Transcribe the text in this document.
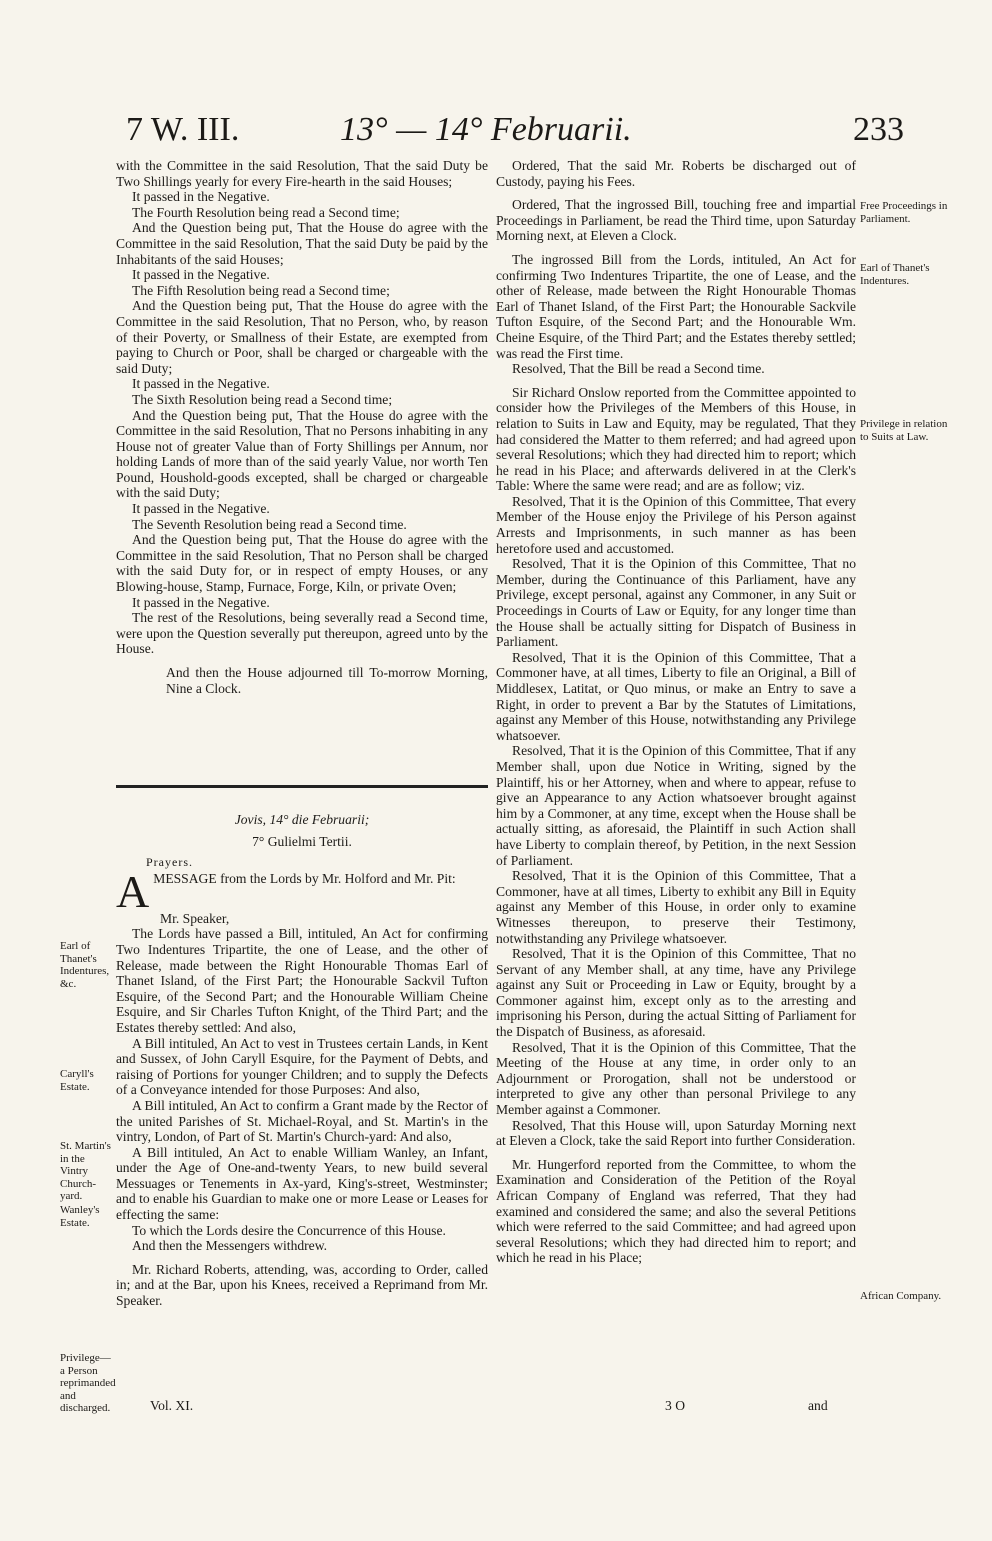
7 W. III.	13° — 14° Februarii.	233

with the Committee in the said Resolution, That the said Duty be Two Shillings yearly for every Fire-hearth in the said Houses;

It passed in the Negative.

The Fourth Resolution being read a Second time;

And the Question being put, That the House do agree with the Committee in the said Resolution, That the said Duty be paid by the Inhabitants of the said Houses;

It passed in the Negative.

The Fifth Resolution being read a Second time;

And the Question being put, That the House do agree with the Committee in the said Resolution, That no Person, who, by reason of their Poverty, or Smallness of their Estate, are exempted from paying to Church or Poor, shall be charged or chargeable with the said Duty;

It passed in the Negative.

The Sixth Resolution being read a Second time;

And the Question being put, That the House do agree with the Committee in the said Resolution, That no Persons inhabiting in any House not of greater Value than of Forty Shillings per Annum, nor holding Lands of more than of the said yearly Value, nor worth Ten Pound, Houshold-goods excepted, shall be charged or chargeable with the said Duty;

It passed in the Negative.

The Seventh Resolution being read a Second time.

And the Question being put, That the House do agree with the Committee in the said Resolution, That no Person shall be charged with the said Duty for, or in respect of empty Houses, or any Blowing-house, Stamp, Furnace, Forge, Kiln, or private Oven;

It passed in the Negative.

The rest of the Resolutions, being severally read a Second time, were upon the Question severally put thereupon, agreed unto by the House.

And then the House adjourned till To-morrow Morning, Nine a Clock.

Jovis, 14° die Februarii;

7° Gulielmi Tertii.

Prayers.

A MESSAGE from the Lords by Mr. Holford and Mr. Pit:

Mr. Speaker,

The Lords have passed a Bill, intituled, An Act for confirming Two Indentures Tripartite, the one of Lease, and the other of Release, made between the Right Honourable Thomas Earl of Thanet Island, of the First Part; the Honourable Sackvil Tufton Esquire, of the Second Part; and the Honourable William Cheine Esquire, and Sir Charles Tufton Knight, of the Third Part; and the Estates thereby settled: And also,

A Bill intituled, An Act to vest in Trustees certain Lands, in Kent and Sussex, of John Caryll Esquire, for the Payment of Debts, and raising of Portions for younger Children; and to supply the Defects of a Conveyance intended for those Purposes: And also,

A Bill intituled, An Act to confirm a Grant made by the Rector of the united Parishes of St. Michael-Royal, and St. Martin's in the vintry, London, of Part of St. Martin's Church-yard: And also,

A Bill intituled, An Act to enable William Wanley, an Infant, under the Age of One-and-twenty Years, to new build several Messuages or Tenements in Ax-yard, King's-street, Westminster; and to enable his Guardian to make one or more Lease or Leases for effecting the same:

To which the Lords desire the Concurrence of this House.

And then the Messengers withdrew.

Mr. Richard Roberts, attending, was, according to Order, called in; and at the Bar, upon his Knees, received a Reprimand from Mr. Speaker.

Vol. XI.

Ordered, That the said Mr. Roberts be discharged out of Custody, paying his Fees.

Ordered, That the ingrossed Bill, touching free and impartial Proceedings in Parliament, be read the Third time, upon Saturday Morning next, at Eleven a Clock.

The ingrossed Bill from the Lords, intituled, An Act for confirming Two Indentures Tripartite, the one of Lease, and the other of Release, made between the Right Honourable Thomas Earl of Thanet Island, of the First Part; the Honourable Sackvile Tufton Esquire, of the Second Part; and the Honourable Wm. Cheine Esquire, of the Third Part; and the Estates thereby settled; was read the First time.

Resolved, That the Bill be read a Second time.

Sir Richard Onslow reported from the Committee appointed to consider how the Privileges of the Members of this House, in relation to Suits in Law and Equity, may be regulated, That they had considered the Matter to them referred; and had agreed upon several Resolutions; which they had directed him to report; which he read in his Place; and afterwards delivered in at the Clerk's Table: Where the same were read; and are as follow; viz.

Resolved, That it is the Opinion of this Committee, That every Member of the House enjoy the Privilege of his Person against Arrests and Imprisonments, in such manner as has been heretofore used and accustomed.

Resolved, That it is the Opinion of this Committee, That no Member, during the Continuance of this Parliament, have any Privilege, except personal, against any Commoner, in any Suit or Proceedings in Courts of Law or Equity, for any longer time than the House shall be actually sitting for Dispatch of Business in Parliament.

Resolved, That it is the Opinion of this Committee, That a Commoner have, at all times, Liberty to file an Original, a Bill of Middlesex, Latitat, or Quo minus, or make an Entry to save a Right, in order to prevent a Bar by the Statutes of Limitations, against any Member of this House, notwithstanding any Privilege whatsoever.

Resolved, That it is the Opinion of this Committee, That if any Member shall, upon due Notice in Writing, signed by the Plaintiff, his or her Attorney, when and where to appear, refuse to give an Appearance to any Action whatsoever brought against him by a Commoner, at any time, except when the House shall be actually sitting, as aforesaid, the Plaintiff in such Action shall have Liberty to complain thereof, by Petition, in the next Session of Parliament.

Resolved, That it is the Opinion of this Committee, That a Commoner, have at all times, Liberty to exhibit any Bill in Equity against any Member of this House, in order only to examine Witnesses thereupon, to preserve their Testimony, notwithstanding any Privilege whatsoever.

Resolved, That it is the Opinion of this Committee, That no Servant of any Member shall, at any time, have any Privilege against any Suit or Proceeding in Law or Equity, brought by a Commoner against him, except only as to the arresting and imprisoning his Person, during the actual Sitting of Parliament for the Dispatch of Business, as aforesaid.

Resolved, That it is the Opinion of this Committee, That the Meeting of the House at any time, in order only to an Adjournment or Prorogation, shall not be understood or interpreted to give any other than personal Privilege to any Member against a Commoner.

Resolved, That this House will, upon Saturday Morning next at Eleven a Clock, take the said Report into further Consideration.

Mr. Hungerford reported from the Committee, to whom the Examination and Consideration of the Petition of the Royal African Company of England was referred, That they had examined and considered the same; and also the several Petitions which were referred to the said Committee; and had agreed upon several Resolutions; which they had directed him to report; and which he read in his Place;

3 O	and
Earl of Thanet's Indentures, &c.
Caryll's Estate.
St. Martin's in the Vintry Church-yard.
Wanley's Estate.
Privilege— a Person reprimanded and discharged.
Free Proceedings in Parliament.
Earl of Thanet's Indentures.
Privilege in relation to Suits at Law.
African Company.
